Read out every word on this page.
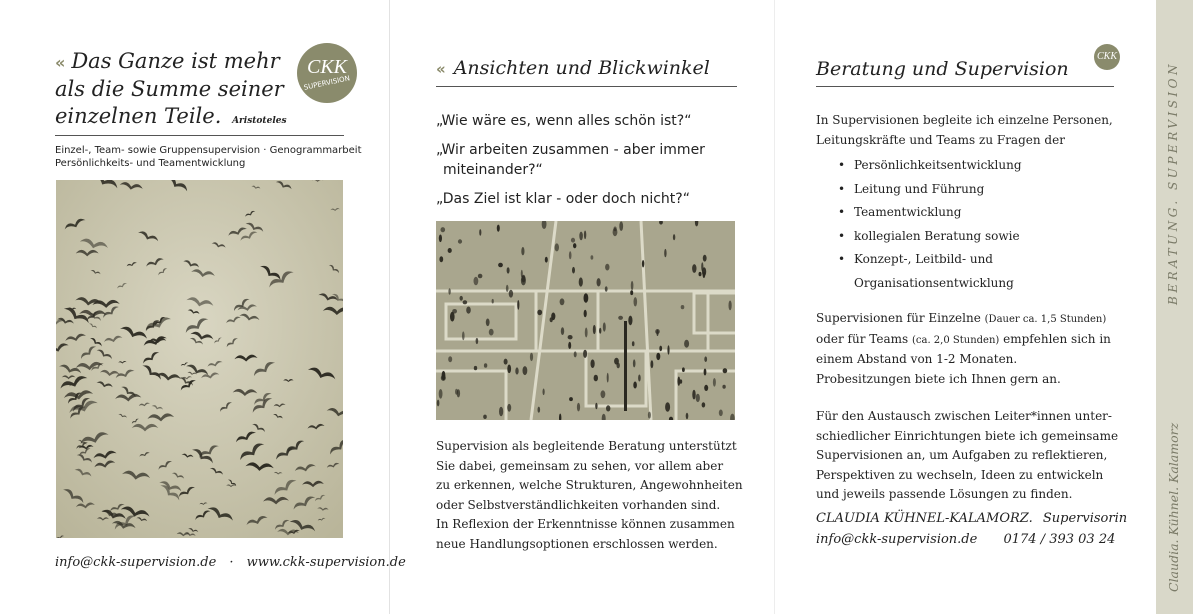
« Das Ganze ist mehr
als die Summe seiner
einzelnen Teile. Aristoteles
CKK
SUPERVISION
Einzel-, Team- sowie Gruppensupervision · Genogrammarbeit
Persönlichkeits- und Teamentwicklung
info@ckk-supervision.de · www.ckk-supervision.de
« Ansichten und Blickwinkel
„Wie wäre es, wenn alles schön ist?“
„Wir arbeiten zusammen - aber immer
miteinander?“
„Das Ziel ist klar - oder doch nicht?“
Supervision als begleitende Beratung unterstützt
Sie dabei, gemeinsam zu sehen, vor allem aber
zu erkennen, welche Strukturen, Angewohnheiten
oder Selbstverständlichkeiten vorhanden sind.
In Reflexion der Erkenntnisse können zusammen
neue Handlungsoptionen erschlossen werden.
Beratung und Supervision
CKK
In Supervisionen begleite ich einzelne Personen,
Leitungskräfte und Teams zu Fragen der
• Persönlichkeitsentwicklung
• Leitung und Führung
• Teamentwicklung
• kollegialen Beratung sowie
• Konzept-, Leitbild- und
Organisationsentwicklung
Supervisionen für Einzelne (Dauer ca. 1,5 Stunden)
oder für Teams (ca. 2,0 Stunden) empfehlen sich in
einem Abstand von 1-2 Monaten.
Probesitzungen biete ich Ihnen gern an.
Für den Austausch zwischen Leiter*innen unter-
schiedlicher Einrichtungen biete ich gemeinsame
Supervisionen an, um Aufgaben zu reflektieren,
Perspektiven zu wechseln, Ideen zu entwickeln
und jeweils passende Lösungen zu finden.
CLAUDIA KÜHNEL-KALAMORZ. Supervisorin
info@ckk-supervision.de 0174 / 393 03 24
BERATUNG. SUPERVISION
Claudia. Kühnel. Kalamorz
